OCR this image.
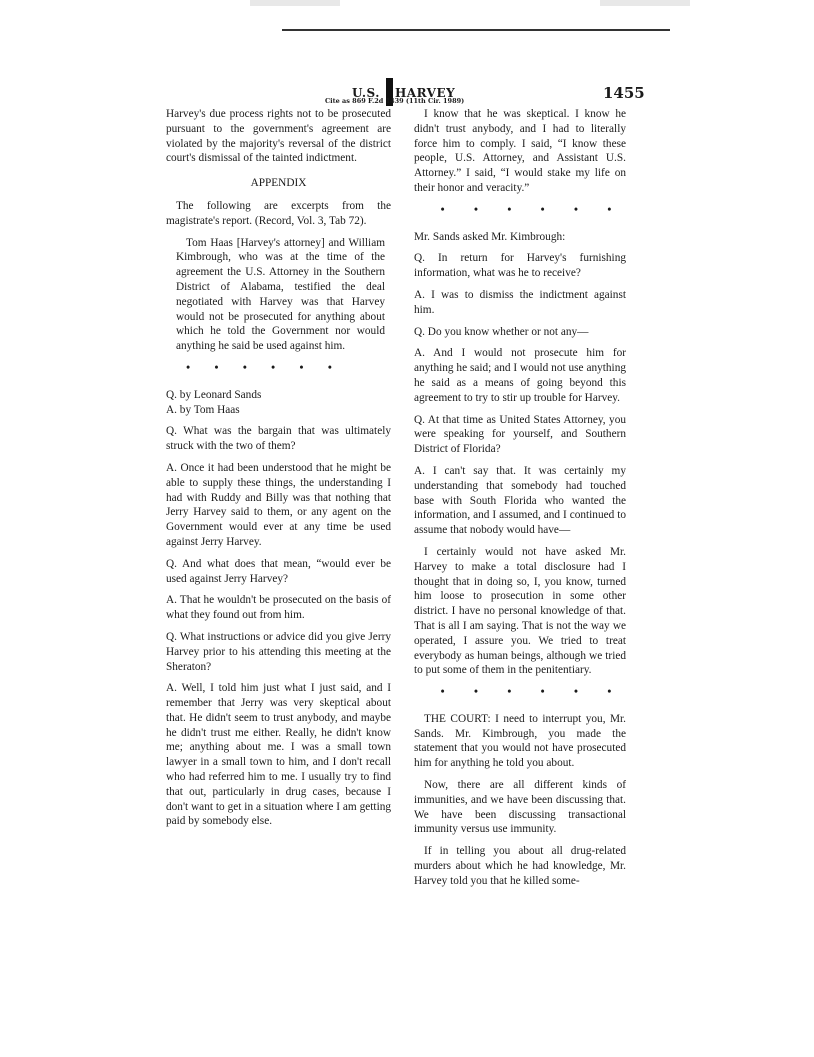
U.S. HARVEY
Cite as 869 F.2d 1439 (11th Cir. 1989)	1455

Harvey's due process rights not to be prosecuted pursuant to the government's agreement are violated by the majority's reversal of the district court's dismissal of the tainted indictment.

APPENDIX

The following are excerpts from the magistrate's report. (Record, Vol. 3, Tab 72).

Tom Haas [Harvey's attorney] and William Kimbrough, who was at the time of the agreement the U.S. Attorney in the Southern District of Alabama, testified the deal negotiated with Harvey was that Harvey would not be prosecuted for anything about which he told the Government nor would anything he said be used against him.

• • • • • •

Q. by Leonard Sands

A. by Tom Haas

Q. What was the bargain that was ultimately struck with the two of them?

A. Once it had been understood that he might be able to supply these things, the understanding I had with Ruddy and Billy was that nothing that Jerry Harvey said to them, or any agent on the Government would ever at any time be used against Jerry Harvey.

Q. And what does that mean, “would ever be used against Jerry Harvey?

A. That he wouldn't be prosecuted on the basis of what they found out from him.

Q. What instructions or advice did you give Jerry Harvey prior to his attending this meeting at the Sheraton?

A. Well, I told him just what I just said, and I remember that Jerry was very skeptical about that. He didn't seem to trust anybody, and maybe he didn't trust me either. Really, he didn't know me; anything about me. I was a small town lawyer in a small town to him, and I don't recall who had referred him to me. I usually try to find that out, particularly in drug cases, because I don't want to get in a situation where I am getting paid by somebody else.

I know that he was skeptical. I know he didn't trust anybody, and I had to literally force him to comply. I said, “I know these people, U.S. Attorney, and Assistant U.S. Attorney.” I said, “I would stake my life on their honor and veracity.”

•	•	•	•	•	•

Mr. Sands asked Mr. Kimbrough:

Q. In return for Harvey's furnishing information, what was he to receive?

A. I was to dismiss the indictment against him.

Q. Do you know whether or not any—

A. And I would not prosecute him for anything he said; and I would not use anything he said as a means of going beyond this agreement to try to stir up trouble for Harvey.

Q. At that time as United States Attorney, you were speaking for yourself, and Southern District of Florida?

A. I can't say that. It was certainly my understanding that somebody had touched base with South Florida who wanted the information, and I assumed, and I continued to assume that nobody would have—

I certainly would not have asked Mr. Harvey to make a total disclosure had I thought that in doing so, I, you know, turned him loose to prosecution in some other district. I have no personal knowledge of that. That is all I am saying. That is not the way we operated, I assure you. We tried to treat everybody as human beings, although we tried to put some of them in the penitentiary.

•	•	•	•	•	•

THE COURT: I need to interrupt you, Mr. Sands. Mr. Kimbrough, you made the statement that you would not have prosecuted him for anything he told you about.

Now, there are all different kinds of immunities, and we have been discussing that. We have been discussing transactional immunity versus use immunity.

If in telling you about all drug-related murders about which he had knowledge, Mr. Harvey told you that he killed some-
